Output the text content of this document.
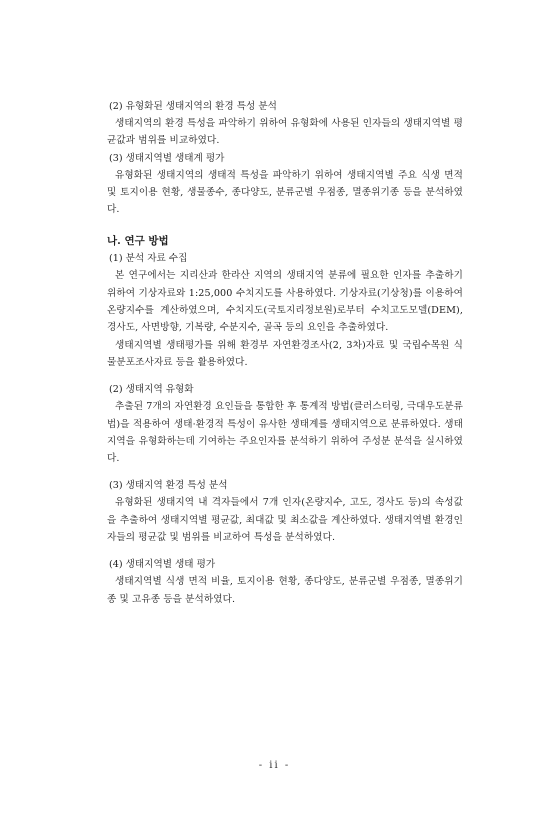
(2) 유형화된 생태지역의 환경 특성 분석

생태지역의 환경 특성을 파악하기 위하여 유형화에 사용된 인자들의 생태지역별 평균값과 범위를 비교하였다.

(3) 생태지역별 생태계 평가

유형화된 생태지역의 생태적 특성을 파악하기 위하여 생태지역별 주요 식생 면적 및 토지이용 현황, 생물종수, 종다양도, 분류군별 우점종, 멸종위기종 등을 분석하였다.

나. 연구 방법

(1) 분석 자료 수집

본 연구에서는 지리산과 한라산 지역의 생태지역 분류에 필요한 인자를 추출하기 위하여 기상자료와 1:25,000 수치지도를 사용하였다. 기상자료(기상청)를 이용하여 온량지수를 계산하였으며, 수치지도(국토지리정보원)로부터 수치고도모델(DEM), 경사도, 사면방향, 기복량, 수분지수, 골곡 등의 요인을 추출하였다.

생태지역별 생태평가를 위해 환경부 자연환경조사(2, 3차)자료 및 국립수목원 식물분포조사자료 등을 활용하였다.

(2) 생태지역 유형화

추출된 7개의 자연환경 요인들을 통합한 후 통계적 방법(클러스터링, 극대우도분류법)을 적용하여 생태·환경적 특성이 유사한 생태계를 생태지역으로 분류하였다. 생태지역을 유형화하는데 기여하는 주요인자를 분석하기 위하여 주성분 분석을 실시하였다.

(3) 생태지역 환경 특성 분석

유형화된 생태지역 내 격자들에서 7개 인자(온량지수, 고도, 경사도 등)의 속성값을 추출하여 생태지역별 평균값, 최대값 및 최소값을 계산하였다. 생태지역별 환경인자들의 평균값 및 범위를 비교하여 특성을 분석하였다.

(4) 생태지역별 생태 평가

생태지역별 식생 면적 비율, 토지이용 현황, 종다양도, 분류군별 우점종, 멸종위기종 및 고유종 등을 분석하였다.

- ii -
